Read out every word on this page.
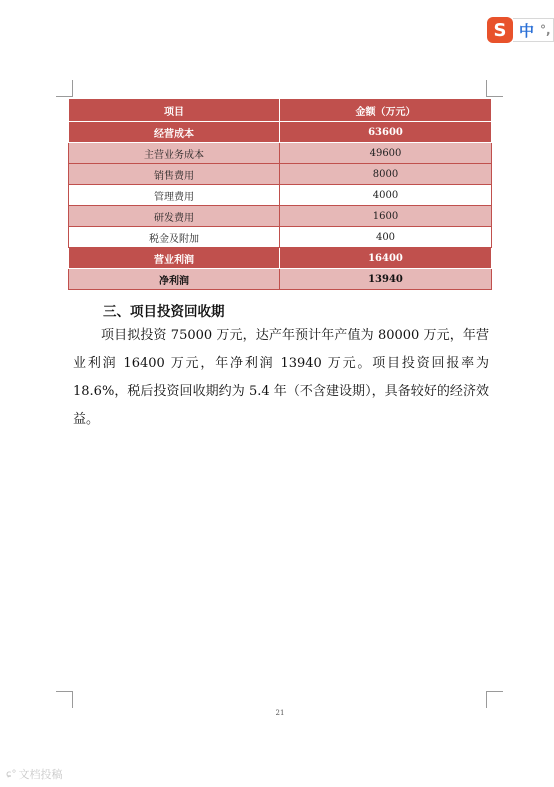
S 中 °,
项目	金额（万元）
经营成本	63600
主营业务成本	49600
销售费用	8000
管理费用	4000
研发费用	1600
税金及附加	400
营业利润	16400
净利润	13940
三、项目投资回收期

项目拟投资 75000 万元，达产年预计年产值为 80000 万元，年营业利润 16400 万元，年净利润 13940 万元。项目投资回报率为 18.6%，税后投资回收期约为 5.4 年（不含建设期），具备较好的经济效益。

21
ɕ° 文档投稿
